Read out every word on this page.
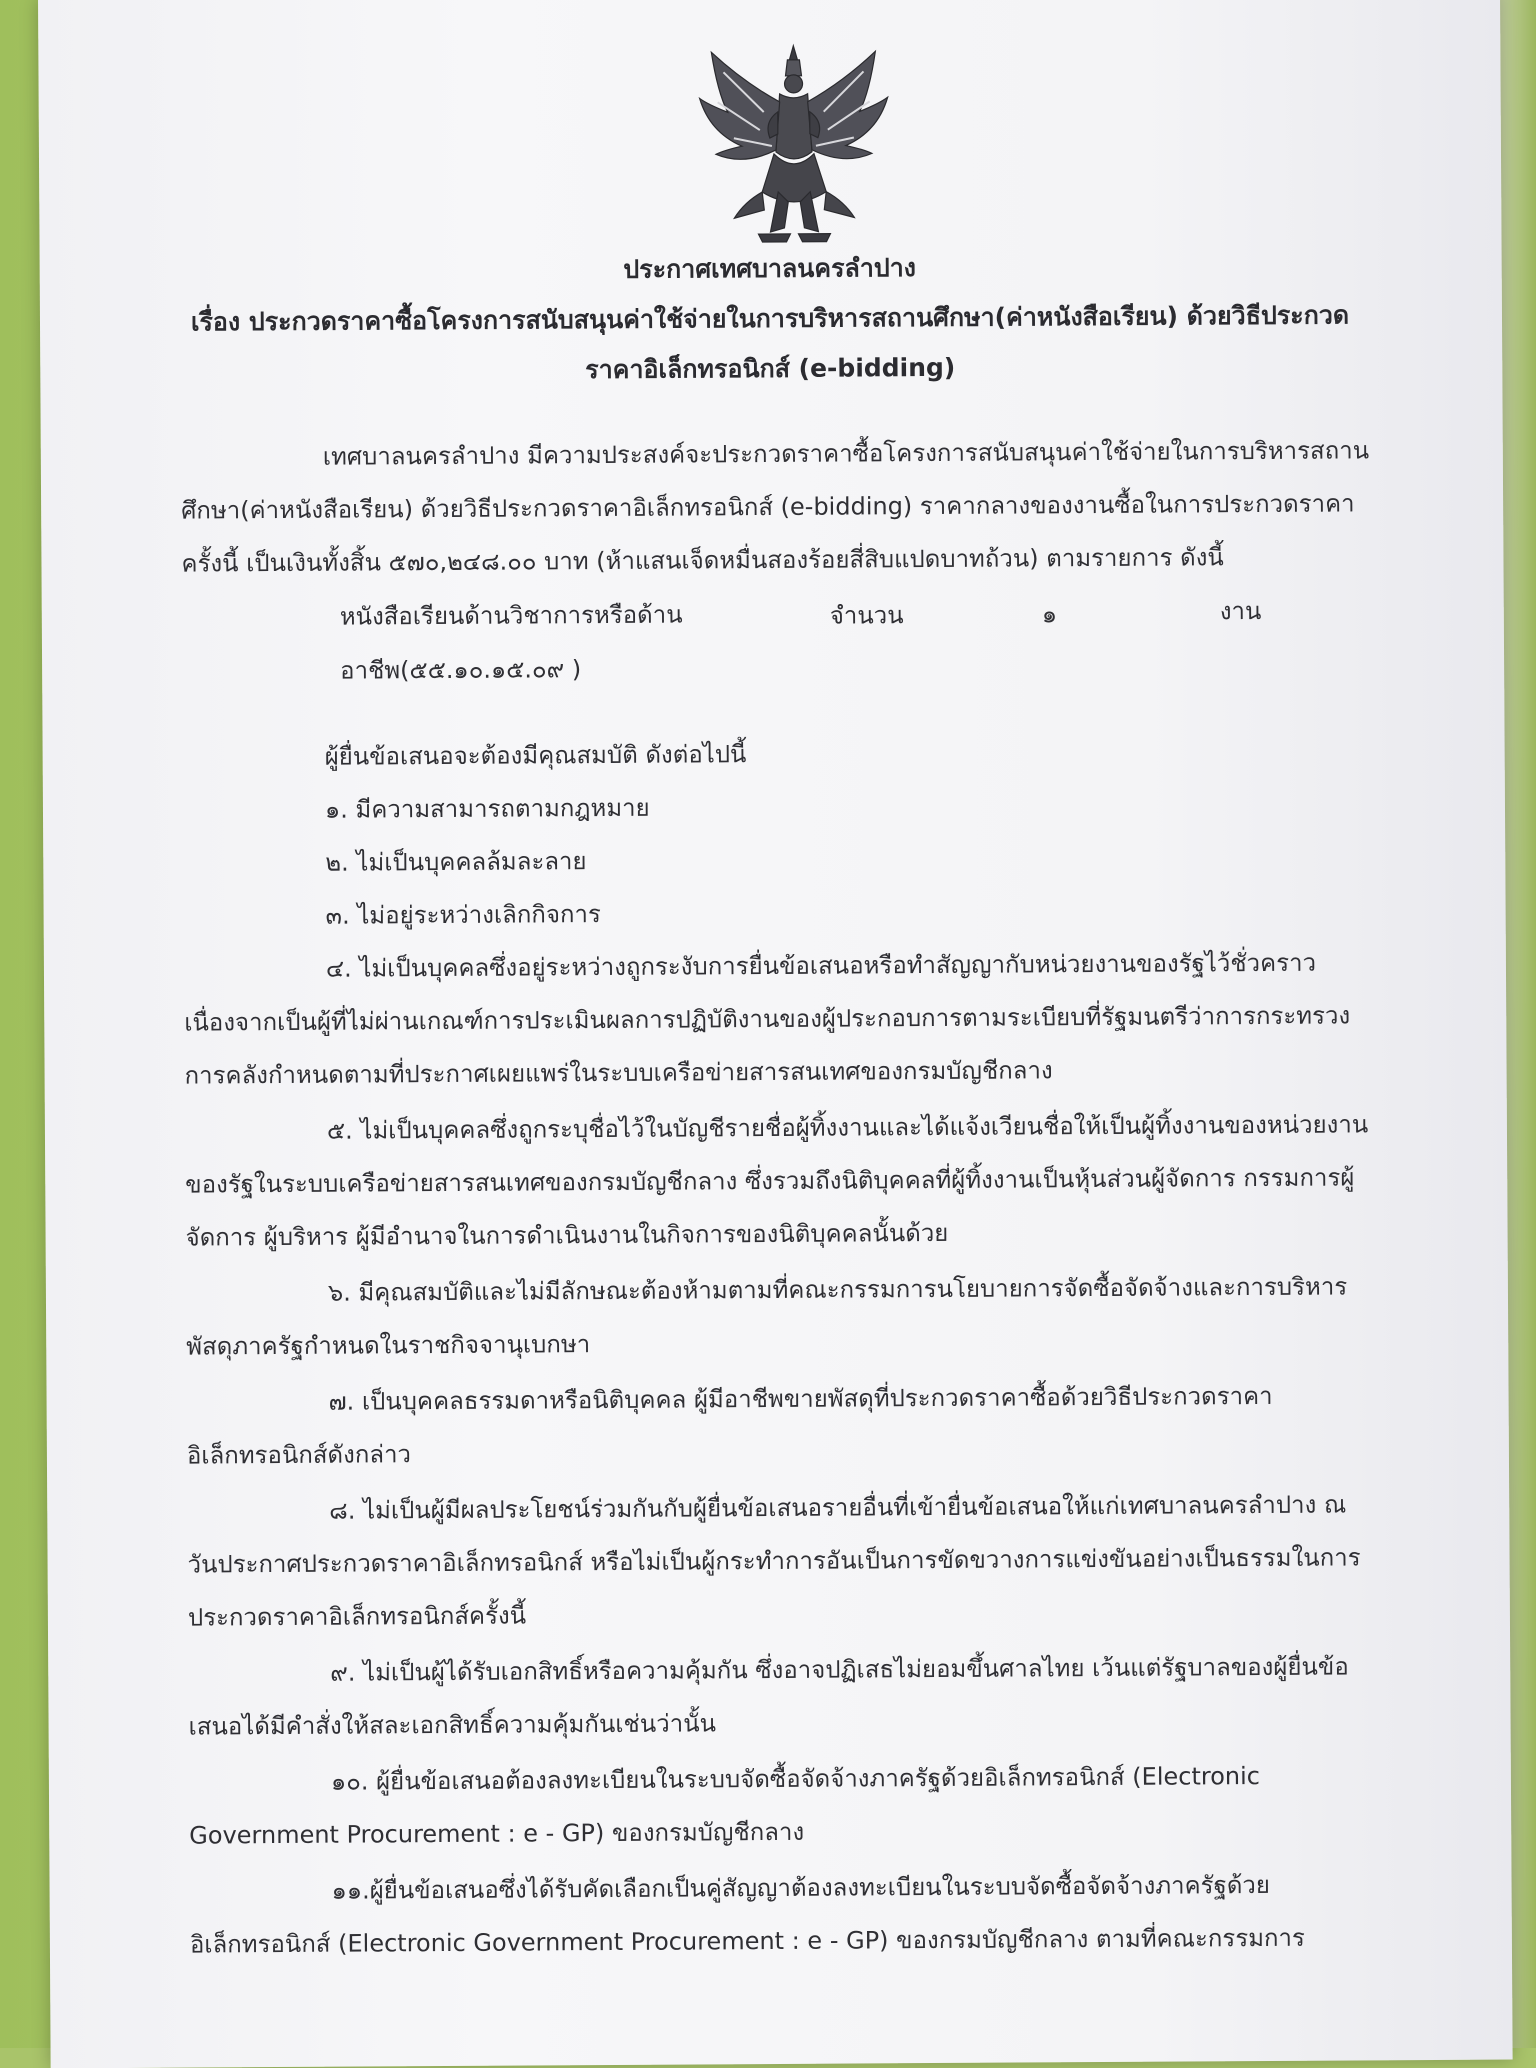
ประกาศเทศบาลนครลำปาง
เรื่อง ประกวดราคาซื้อโครงการสนับสนุนค่าใช้จ่ายในการบริหารสถานศึกษา(ค่าหนังสือเรียน) ด้วยวิธีประกวด
ราคาอิเล็กทรอนิกส์ (e-bidding)
เทศบาลนครลำปาง มีความประสงค์จะประกวดราคาซื้อโครงการสนับสนุนค่าใช้จ่ายในการบริหารสถาน
ศึกษา(ค่าหนังสือเรียน) ด้วยวิธีประกวดราคาอิเล็กทรอนิกส์ (e-bidding) ราคากลางของงานซื้อในการประกวดราคา
ครั้งนี้ เป็นเงินทั้งสิ้น ๕๗๐,๒๔๘.๐๐ บาท (ห้าแสนเจ็ดหมื่นสองร้อยสี่สิบแปดบาทถ้วน) ตามรายการ ดังนี้
หนังสือเรียนด้านวิชาการหรือด้าน	จำนวน	๑	งาน
อาชีพ(๕๕.๑๐.๑๕.๐๙ )
ผู้ยื่นข้อเสนอจะต้องมีคุณสมบัติ ดังต่อไปนี้
๑. มีความสามารถตามกฎหมาย
๒. ไม่เป็นบุคคลล้มละลาย
๓. ไม่อยู่ระหว่างเลิกกิจการ
๔. ไม่เป็นบุคคลซึ่งอยู่ระหว่างถูกระงับการยื่นข้อเสนอหรือทำสัญญากับหน่วยงานของรัฐไว้ชั่วคราว
เนื่องจากเป็นผู้ที่ไม่ผ่านเกณฑ์การประเมินผลการปฏิบัติงานของผู้ประกอบการตามระเบียบที่รัฐมนตรีว่าการกระทรวง
การคลังกำหนดตามที่ประกาศเผยแพร่ในระบบเครือข่ายสารสนเทศของกรมบัญชีกลาง
๕. ไม่เป็นบุคคลซึ่งถูกระบุชื่อไว้ในบัญชีรายชื่อผู้ทิ้งงานและได้แจ้งเวียนชื่อให้เป็นผู้ทิ้งงานของหน่วยงาน
ของรัฐในระบบเครือข่ายสารสนเทศของกรมบัญชีกลาง ซึ่งรวมถึงนิติบุคคลที่ผู้ทิ้งงานเป็นหุ้นส่วนผู้จัดการ กรรมการผู้
จัดการ ผู้บริหาร ผู้มีอำนาจในการดำเนินงานในกิจการของนิติบุคคลนั้นด้วย
๖. มีคุณสมบัติและไม่มีลักษณะต้องห้ามตามที่คณะกรรมการนโยบายการจัดซื้อจัดจ้างและการบริหาร
พัสดุภาครัฐกำหนดในราชกิจจานุเบกษา
๗. เป็นบุคคลธรรมดาหรือนิติบุคคล ผู้มีอาชีพขายพัสดุที่ประกวดราคาซื้อด้วยวิธีประกวดราคา
อิเล็กทรอนิกส์ดังกล่าว
๘. ไม่เป็นผู้มีผลประโยชน์ร่วมกันกับผู้ยื่นข้อเสนอรายอื่นที่เข้ายื่นข้อเสนอให้แก่เทศบาลนครลำปาง ณ
วันประกาศประกวดราคาอิเล็กทรอนิกส์ หรือไม่เป็นผู้กระทำการอันเป็นการขัดขวางการแข่งขันอย่างเป็นธรรมในการ
ประกวดราคาอิเล็กทรอนิกส์ครั้งนี้
๙. ไม่เป็นผู้ได้รับเอกสิทธิ์หรือความคุ้มกัน ซึ่งอาจปฏิเสธไม่ยอมขึ้นศาลไทย เว้นแต่รัฐบาลของผู้ยื่นข้อ
เสนอได้มีคำสั่งให้สละเอกสิทธิ์ความคุ้มกันเช่นว่านั้น
๑๐. ผู้ยื่นข้อเสนอต้องลงทะเบียนในระบบจัดซื้อจัดจ้างภาครัฐด้วยอิเล็กทรอนิกส์ (Electronic
Government Procurement : e - GP) ของกรมบัญชีกลาง
๑๑.ผู้ยื่นข้อเสนอซึ่งได้รับคัดเลือกเป็นคู่สัญญาต้องลงทะเบียนในระบบจัดซื้อจัดจ้างภาครัฐด้วย
อิเล็กทรอนิกส์ (Electronic Government Procurement : e - GP) ของกรมบัญชีกลาง ตามที่คณะกรรมการ
